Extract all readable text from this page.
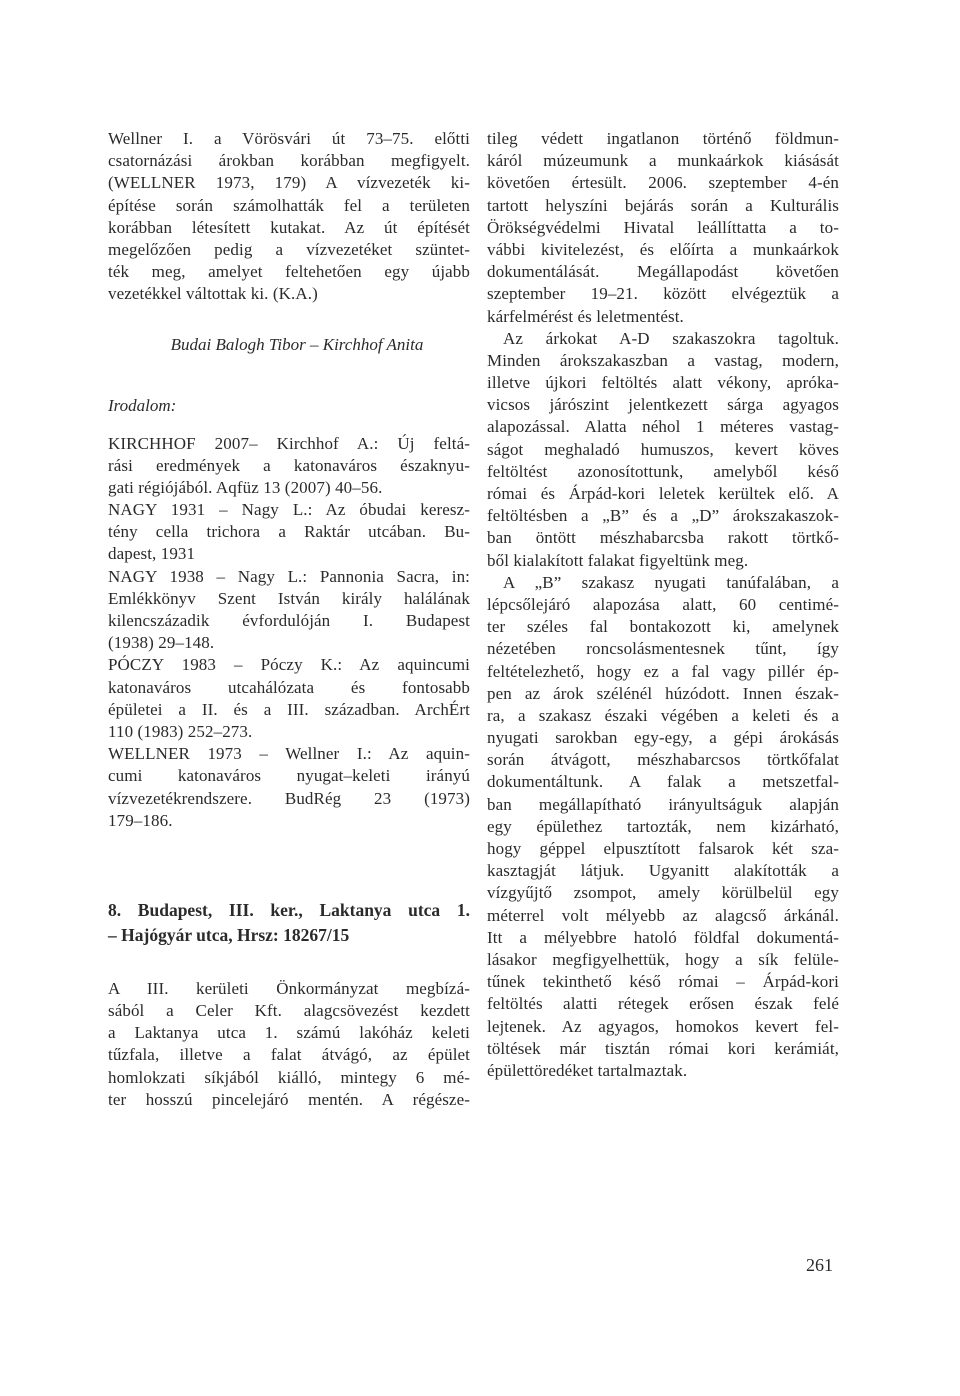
Wellner I. a Vörösvári út 73–75. előtti
csatornázási árokban korábban megfigyelt.
(WELLNER 1973, 179) A vízvezeték ki-
építése során számolhatták fel a területen
korábban létesített kutakat. Az út építését
megelőzően pedig a vízvezetéket szüntet-
ték meg, amelyet feltehetően egy újabb
vezetékkel váltottak ki. (K.A.)
Budai Balogh Tibor – Kirchhof Anita
Irodalom:
KIRCHHOF 2007– Kirchhof A.: Új feltá-
rási eredmények a katonaváros északnyu-
gati régiójából. Aqfüz 13 (2007) 40–56.
NAGY 1931 – Nagy L.: Az óbudai keresz-
tény cella trichora a Raktár utcában. Bu-
dapest, 1931
NAGY 1938 – Nagy L.: Pannonia Sacra, in:
Emlékkönyv Szent István király halálának
kilencszázadik évfordulóján I. Budapest
(1938) 29–148.
PÓCZY 1983 – Póczy K.: Az aquincumi
katonaváros utcahálózata és fontosabb
épületei a II. és a III. században. ArchÉrt
110 (1983) 252–273.
WELLNER 1973 – Wellner I.: Az aquin-
cumi katonaváros nyugat–keleti irányú
vízvezetékrendszere. BudRég 23 (1973)
179–186.
8. Budapest, III. ker., Laktanya utca 1.
– Hajógyár utca, Hrsz: 18267/15
A III. kerületi Önkormányzat megbízá-
sából a Celer Kft. alagcsövezést kezdett
a Laktanya utca 1. számú lakóház keleti
tűzfala, illetve a falat átvágó, az épület
homlokzati síkjából kiálló, mintegy 6 mé-
ter hosszú pincelejáró mentén. A régésze-
tileg védett ingatlanon történő földmun-
káról múzeumunk a munkaárkok kiásását
követően értesült. 2006. szeptember 4-én
tartott helyszíni bejárás során a Kulturális
Örökségvédelmi Hivatal leállíttatta a to-
vábbi kivitelezést, és előírta a munkaárkok
dokumentálását. Megállapodást követően
szeptember 19–21. között elvégeztük a
kárfelmérést és leletmentést.
Az árkokat A-D szakaszokra tagoltuk.
Minden árokszakaszban a vastag, modern,
illetve újkori feltöltés alatt vékony, apróka-
vicsos járószint jelentkezett sárga agyagos
alapozással. Alatta néhol 1 méteres vastag-
ságot meghaladó humuszos, kevert köves
feltöltést azonosítottunk, amelyből késő
római és Árpád-kori leletek kerültek elő. A
feltöltésben a „B” és a „D” árokszakaszok-
ban öntött mészhabarcsba rakott törtkő-
ből kialakított falakat figyeltünk meg.
A „B” szakasz nyugati tanúfalában, a
lépcsőlejáró alapozása alatt, 60 centimé-
ter széles fal bontakozott ki, amelynek
nézetében roncsolásmentesnek tűnt, így
feltételezhető, hogy ez a fal vagy pillér ép-
pen az árok szélénél húzódott. Innen észak-
ra, a szakasz északi végében a keleti és a
nyugati sarokban egy-egy, a gépi árokásás
során átvágott, mészhabarcsos törtkőfalat
dokumentáltunk. A falak a metszetfal-
ban megállapítható irányultságuk alapján
egy épülethez tartozták, nem kizárható,
hogy géppel elpusztított falsarok két sza-
kasztagját látjuk. Ugyanitt alakították a
vízgyűjtő zsompot, amely körülbelül egy
méterrel volt mélyebb az alagcső árkánál.
Itt a mélyebbre hatoló földfal dokumentá-
lásakor megfigyelhettük, hogy a sík felüle-
tűnek tekinthető késő római – Árpád-kori
feltöltés alatti rétegek erősen észak felé
lejtenek. Az agyagos, homokos kevert fel-
töltések már tisztán római kori kerámiát,
épülettöredéket tartalmaztak.
261
